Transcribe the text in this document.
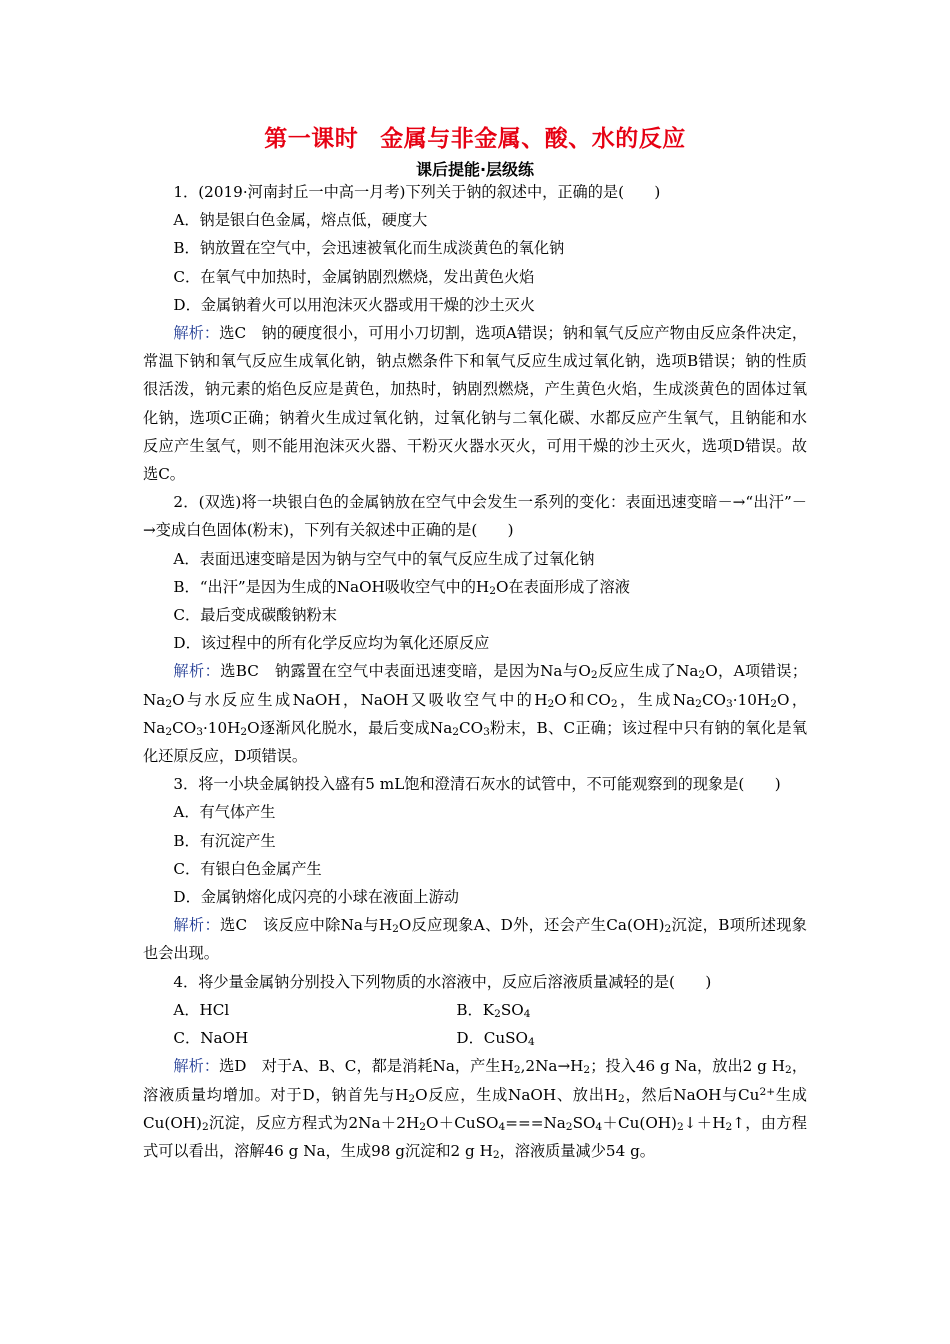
第一课时 金属与非金属、酸、水的反应
课后提能·层级练

1．(2019·河南封丘一中高一月考)下列关于钠的叙述中，正确的是(　　)

A．钠是银白色金属，熔点低，硬度大

B．钠放置在空气中，会迅速被氧化而生成淡黄色的氧化钠

C．在氧气中加热时，金属钠剧烈燃烧，发出黄色火焰

D．金属钠着火可以用泡沫灭火器或用干燥的沙土灭火

解析：选C　钠的硬度很小，可用小刀切割，选项A错误；钠和氧气反应产物由反应条件决定，常温下钠和氧气反应生成氧化钠，钠点燃条件下和氧气反应生成过氧化钠，选项B错误；钠的性质很活泼，钠元素的焰色反应是黄色，加热时，钠剧烈燃烧，产生黄色火焰，生成淡黄色的固体过氧化钠，选项C正确；钠着火生成过氧化钠，过氧化钠与二氧化碳、水都反应产生氧气，且钠能和水反应产生氢气，则不能用泡沫灭火器、干粉灭火器水灭火，可用干燥的沙土灭火，选项D错误。故选C。

2．(双选)将一块银白色的金属钠放在空气中会发生一系列的变化：表面迅速变暗－→“出汗”－→变成白色固体(粉末)，下列有关叙述中正确的是(　　)

A．表面迅速变暗是因为钠与空气中的氧气反应生成了过氧化钠

B．“出汗”是因为生成的NaOH吸收空气中的$H_2O$在表面形成了溶液

C．最后变成碳酸钠粉末

D．该过程中的所有化学反应均为氧化还原反应

解析：选BC　钠露置在空气中表面迅速变暗，是因为Na与$O_2$反应生成了$Na_2O$，A项错误；$Na_2O$与水反应生成NaOH，NaOH又吸收空气中的$H_2O$和$CO_2$，生成$Na_2CO_3\cdot 10H_2O$，$Na_2CO_3\cdot 10H_2O$逐渐风化脱水，最后变成$Na_2CO_3$粉末，B、C正确；该过程中只有钠的氧化是氧化还原反应，D项错误。

3．将一小块金属钠投入盛有5 mL饱和澄清石灰水的试管中，不可能观察到的现象是(　　)

A．有气体产生

B．有沉淀产生

C．有银白色金属产生

D．金属钠熔化成闪亮的小球在液面上游动

解析：选C　该反应中除Na与$H_2O$反应现象A、D外，还会产生$Ca(OH)_2$沉淀，B项所述现象也会出现。

4．将少量金属钠分别投入下列物质的水溶液中，反应后溶液质量减轻的是(　　)

A．HCl	B．$K_2SO_4$

C．NaOH	D．CuSO$_4$

解析：选D　对于A、B、C，都是消耗Na，产生$H_2,2Na\to H_2$；投入46 g Na，放出2 g $H_2$，溶液质量均增加。对于D，钠首先与$H_2O$反应，生成NaOH、放出$H_2$，然后NaOH与$Cu^{2+}$生成$Cu(OH)_2$沉淀，反应方程式为$2Na+2H_2O+CuSO_4===Na_2SO_4+Cu(OH)_2↓+H_2↑$，由方程式可以看出，溶解46 g Na，生成98 g沉淀和2 g $H_2$，溶液质量减少54 g。
